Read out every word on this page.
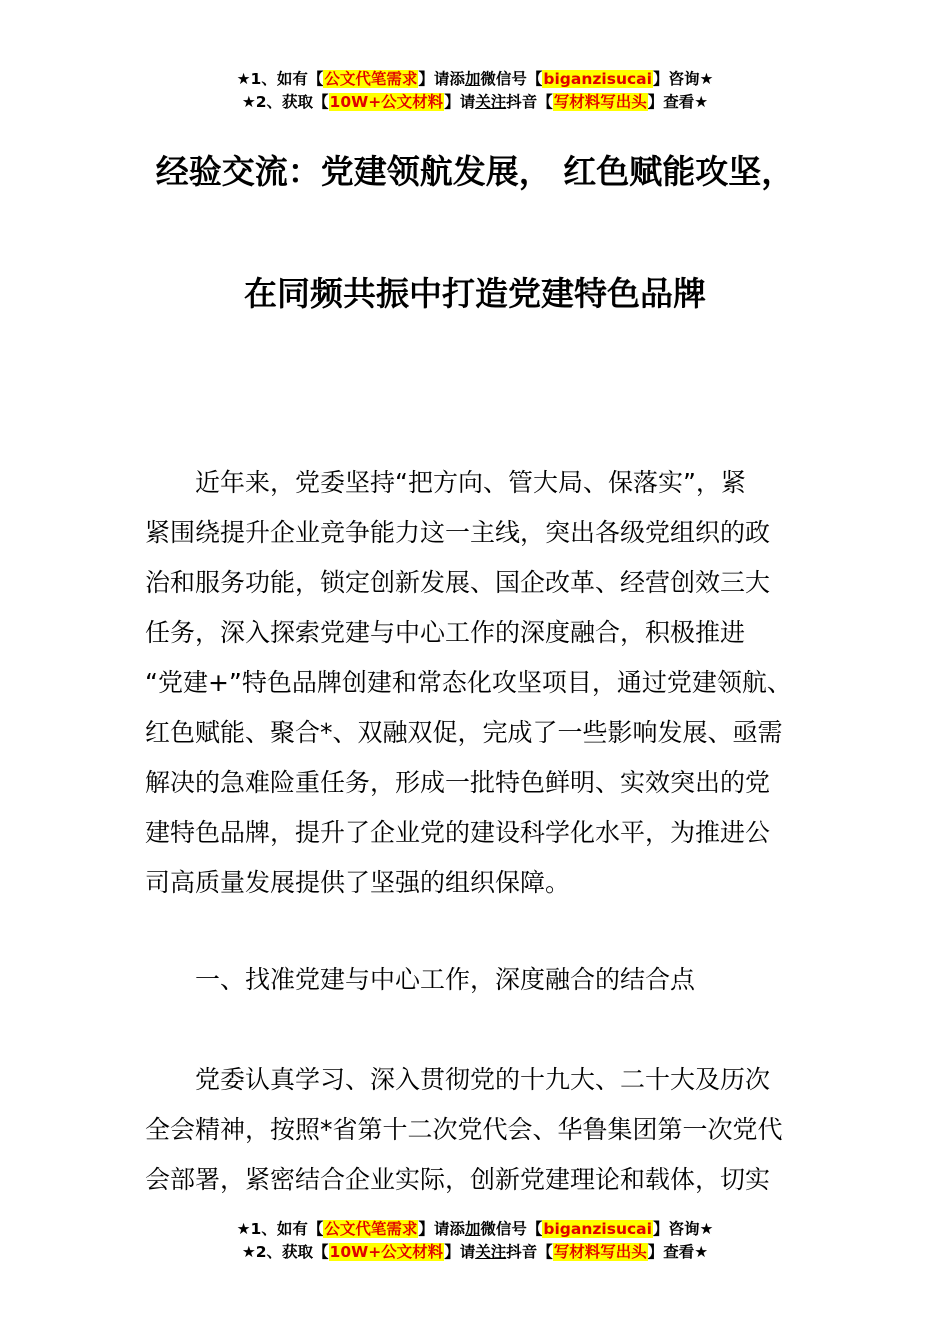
★1、如有【公文代笔需求】请添加微信号【biganzisucai】咨询★
★2、获取【10W+公文材料】请关注抖音【写材料写出头】查看★
经验交流：党建领航发展， 红色赋能攻坚，
在同频共振中打造党建特色品牌
　　近年来，党委坚持“把方向、管大局、保落实”，紧
紧围绕提升企业竞争能力这一主线，突出各级党组织的政
治和服务功能，锁定创新发展、国企改革、经营创效三大
任务，深入探索党建与中心工作的深度融合，积极推进
“党建+”特色品牌创建和常态化攻坚项目，通过党建领航、
红色赋能、聚合*、双融双促，完成了一些影响发展、亟需
解决的急难险重任务，形成一批特色鲜明、实效突出的党
建特色品牌，提升了企业党的建设科学化水平，为推进公
司高质量发展提供了坚强的组织保障。
　　一、找准党建与中心工作，深度融合的结合点
　　党委认真学习、深入贯彻党的十九大、二十大及历次
全会精神，按照*省第十二次党代会、华鲁集团第一次党代
会部署，紧密结合企业实际，创新党建理论和载体，切实
★1、如有【公文代笔需求】请添加微信号【biganzisucai】咨询★
★2、获取【10W+公文材料】请关注抖音【写材料写出头】查看★
